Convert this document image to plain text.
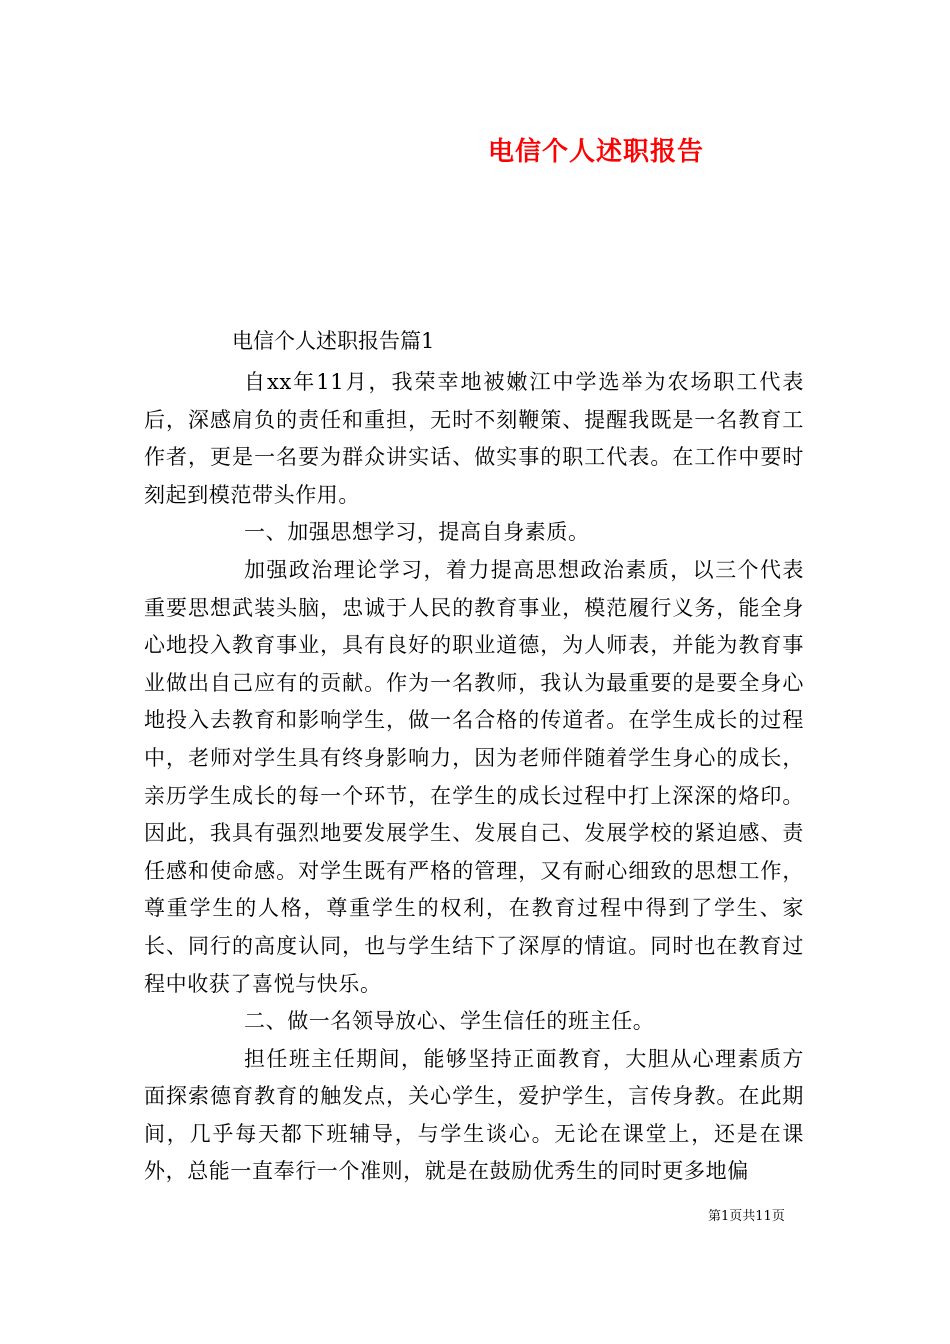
电信个人述职报告
电信个人述职报告篇1

自xx年11月，我荣幸地被嫩江中学选举为农场职工代表后，深感肩负的责任和重担，无时不刻鞭策、提醒我既是一名教育工作者，更是一名要为群众讲实话、做实事的职工代表。在工作中要时刻起到模范带头作用。

一、加强思想学习，提高自身素质。

加强政治理论学习，着力提高思想政治素质，以三个代表重要思想武装头脑，忠诚于人民的教育事业，模范履行义务，能全身心地投入教育事业，具有良好的职业道德，为人师表，并能为教育事业做出自己应有的贡献。作为一名教师，我认为最重要的是要全身心地投入去教育和影响学生，做一名合格的传道者。在学生成长的过程中，老师对学生具有终身影响力，因为老师伴随着学生身心的成长，亲历学生成长的每一个环节，在学生的成长过程中打上深深的烙印。因此，我具有强烈地要发展学生、发展自己、发展学校的紧迫感、责任感和使命感。对学生既有严格的管理，又有耐心细致的思想工作，尊重学生的人格，尊重学生的权利，在教育过程中得到了学生、家长、同行的高度认同，也与学生结下了深厚的情谊。同时也在教育过程中收获了喜悦与快乐。

二、做一名领导放心、学生信任的班主任。

担任班主任期间，能够坚持正面教育，大胆从心理素质方面探索德育教育的触发点，关心学生，爱护学生，言传身教。在此期间，几乎每天都下班辅导，与学生谈心。无论在课堂上，还是在课外，总能一直奉行一个准则，就是在鼓励优秀生的同时更多地偏

第1页共11页
